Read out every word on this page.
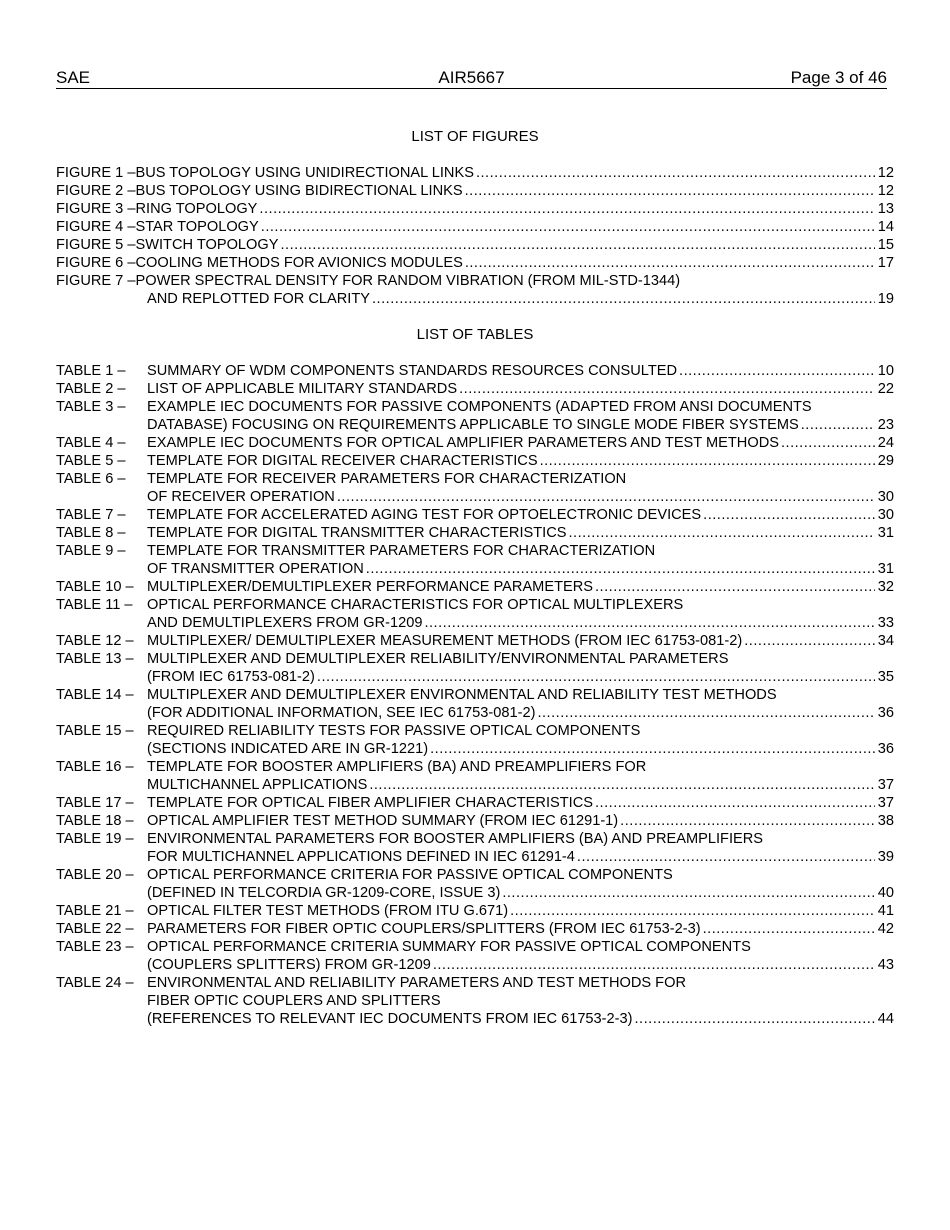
SAE	AIR5667	Page 3 of 46
LIST OF FIGURES
FIGURE 1 – BUS TOPOLOGY USING UNIDIRECTIONAL LINKS .....	12
FIGURE 2 – BUS TOPOLOGY USING BIDIRECTIONAL LINKS .....	12
FIGURE 3 – RING TOPOLOGY .....	13
FIGURE 4 – STAR TOPOLOGY .....	14
FIGURE 5 – SWITCH TOPOLOGY .....	15
FIGURE 6 – COOLING METHODS FOR AVIONICS MODULES .....	17
FIGURE 7 – POWER SPECTRAL DENSITY FOR RANDOM VIBRATION (FROM MIL-STD-1344)
AND REPLOTTED FOR CLARITY .....	19
LIST OF TABLES
TABLE 1 –	SUMMARY OF WDM COMPONENTS STANDARDS RESOURCES CONSULTED .....	10
TABLE 2 –	LIST OF APPLICABLE MILITARY STANDARDS .....	22
TABLE 3 –	EXAMPLE IEC DOCUMENTS FOR PASSIVE COMPONENTS (ADAPTED FROM ANSI DOCUMENTS
DATABASE) FOCUSING ON REQUIREMENTS APPLICABLE TO SINGLE MODE FIBER SYSTEMS .....	23
TABLE 4 –	EXAMPLE IEC DOCUMENTS FOR OPTICAL AMPLIFIER PARAMETERS AND TEST METHODS .....	24
TABLE 5 –	TEMPLATE FOR DIGITAL RECEIVER CHARACTERISTICS .....	29
TABLE 6 –	TEMPLATE FOR RECEIVER PARAMETERS FOR CHARACTERIZATION
OF RECEIVER OPERATION .....	30
TABLE 7 –	TEMPLATE FOR ACCELERATED AGING TEST FOR OPTOELECTRONIC DEVICES .....	30
TABLE 8 –	TEMPLATE FOR DIGITAL TRANSMITTER CHARACTERISTICS .....	31
TABLE 9 –	TEMPLATE FOR TRANSMITTER PARAMETERS FOR CHARACTERIZATION
OF TRANSMITTER OPERATION .....	31
TABLE 10 – MULTIPLEXER/DEMULTIPLEXER PERFORMANCE PARAMETERS .....	32
TABLE 11 – OPTICAL PERFORMANCE CHARACTERISTICS FOR OPTICAL MULTIPLEXERS
AND DEMULTIPLEXERS FROM GR-1209 .....	33
TABLE 12 – MULTIPLEXER/ DEMULTIPLEXER MEASUREMENT METHODS (FROM IEC 61753-081-2) .....	34
TABLE 13 – MULTIPLEXER AND DEMULTIPLEXER RELIABILITY/ENVIRONMENTAL PARAMETERS
(FROM IEC 61753-081-2) .....	35
TABLE 14 – MULTIPLEXER AND DEMULTIPLEXER ENVIRONMENTAL AND RELIABILITY TEST METHODS
(FOR ADDITIONAL INFORMATION, SEE IEC 61753-081-2) .....	36
TABLE 15 – REQUIRED RELIABILITY TESTS FOR PASSIVE OPTICAL COMPONENTS
(SECTIONS INDICATED ARE IN GR-1221) .....	36
TABLE 16 – TEMPLATE FOR BOOSTER AMPLIFIERS (BA) AND PREAMPLIFIERS FOR
MULTICHANNEL APPLICATIONS .....	37
TABLE 17 – TEMPLATE FOR OPTICAL FIBER AMPLIFIER CHARACTERISTICS .....	37
TABLE 18 – OPTICAL AMPLIFIER TEST METHOD SUMMARY (FROM IEC 61291-1) .....	38
TABLE 19 – ENVIRONMENTAL PARAMETERS FOR BOOSTER AMPLIFIERS (BA) AND PREAMPLIFIERS
FOR MULTICHANNEL APPLICATIONS DEFINED IN IEC 61291-4 .....	39
TABLE 20 – OPTICAL PERFORMANCE CRITERIA FOR PASSIVE OPTICAL COMPONENTS
(DEFINED IN TELCORDIA GR-1209-CORE, ISSUE 3) .....	40
TABLE 21 – OPTICAL FILTER TEST METHODS (FROM ITU G.671) .....	41
TABLE 22 – PARAMETERS FOR FIBER OPTIC COUPLERS/SPLITTERS (FROM IEC 61753-2-3) .....	42
TABLE 23 – OPTICAL PERFORMANCE CRITERIA SUMMARY FOR PASSIVE OPTICAL COMPONENTS
(COUPLERS SPLITTERS) FROM GR-1209 .....	43
TABLE 24 – ENVIRONMENTAL AND RELIABILITY PARAMETERS AND TEST METHODS FOR
FIBER OPTIC COUPLERS AND SPLITTERS
(REFERENCES TO RELEVANT IEC DOCUMENTS FROM IEC 61753-2-3) .....	44
